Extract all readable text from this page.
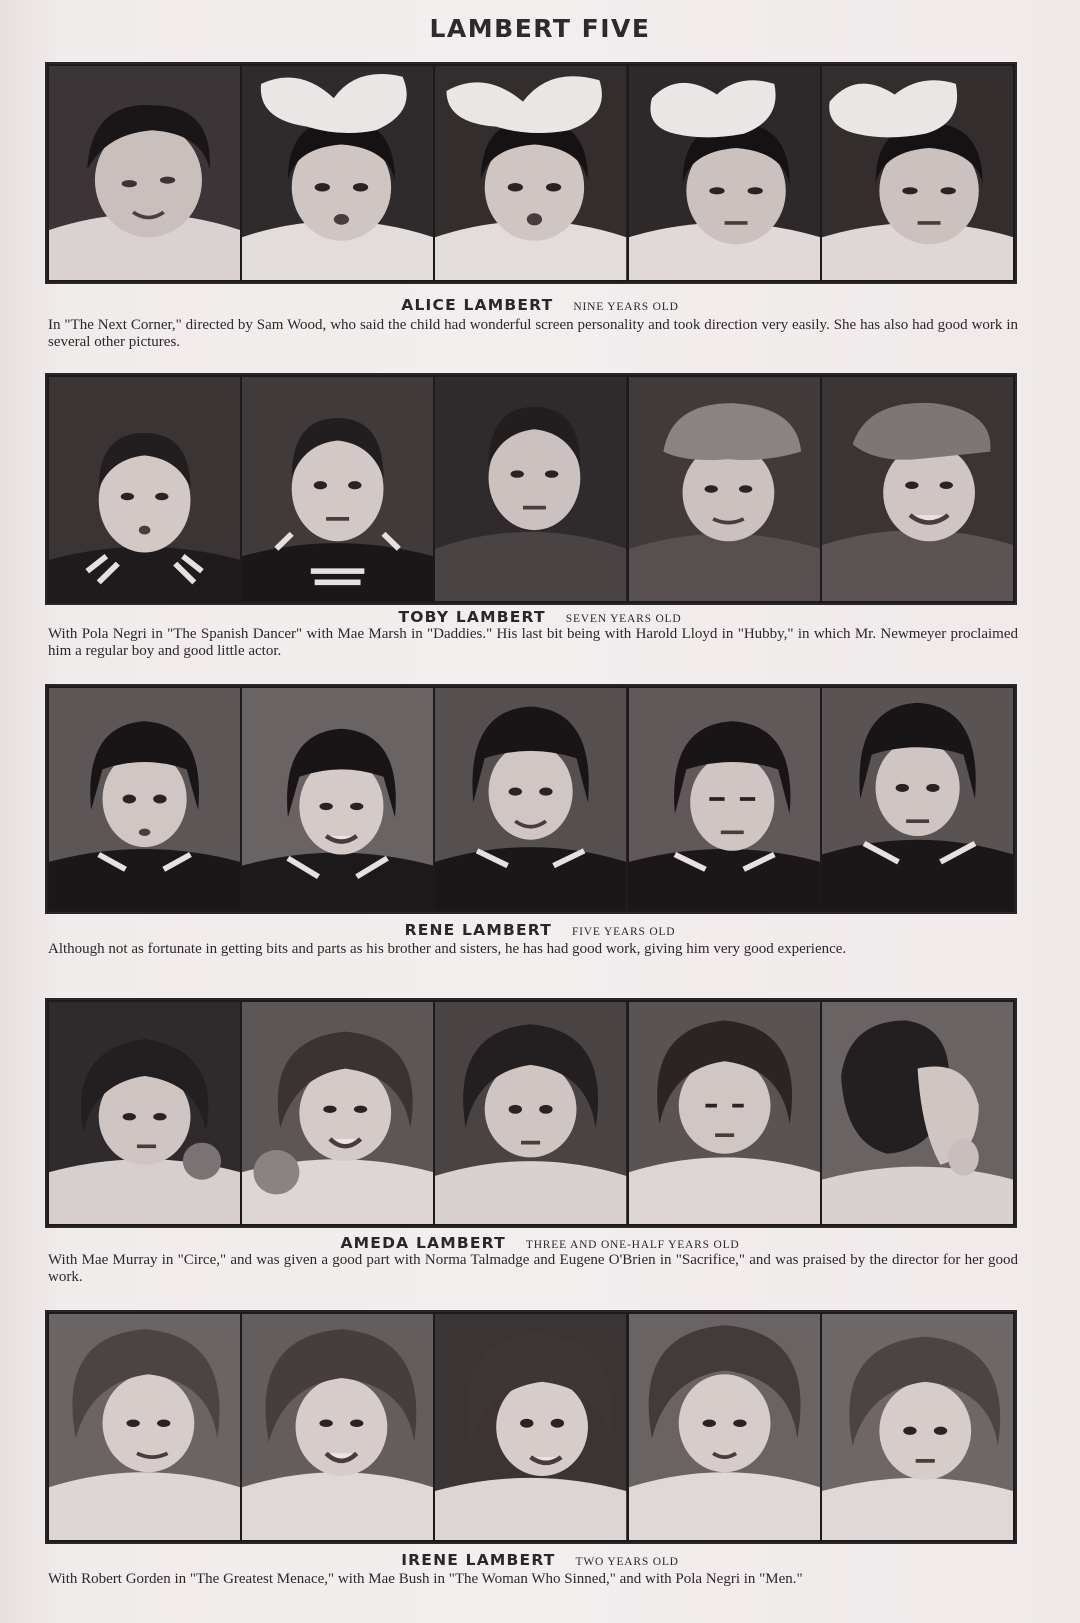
LAMBERT FIVE
ALICE LAMBERT NINE YEARS OLD
In "The Next Corner," directed by Sam Wood, who said the child had wonderful screen personality and took direction very easily. She has also had good work in several other pictures.
TOBY LAMBERT SEVEN YEARS OLD
With Pola Negri in "The Spanish Dancer" with Mae Marsh in "Daddies." His last bit being with Harold Lloyd in "Hubby," in which Mr. Newmeyer proclaimed him a regular boy and good little actor.
RENE LAMBERT FIVE YEARS OLD
Although not as fortunate in getting bits and parts as his brother and sisters, he has had good work, giving him very good experience.
AMEDA LAMBERT THREE AND ONE-HALF YEARS OLD
With Mae Murray in "Circe," and was given a good part with Norma Talmadge and Eugene O'Brien in "Sacrifice," and was praised by the director for her good work.
IRENE LAMBERT TWO YEARS OLD
With Robert Gorden in "The Greatest Menace," with Mae Bush in "The Woman Who Sinned," and with Pola Negri in "Men."
